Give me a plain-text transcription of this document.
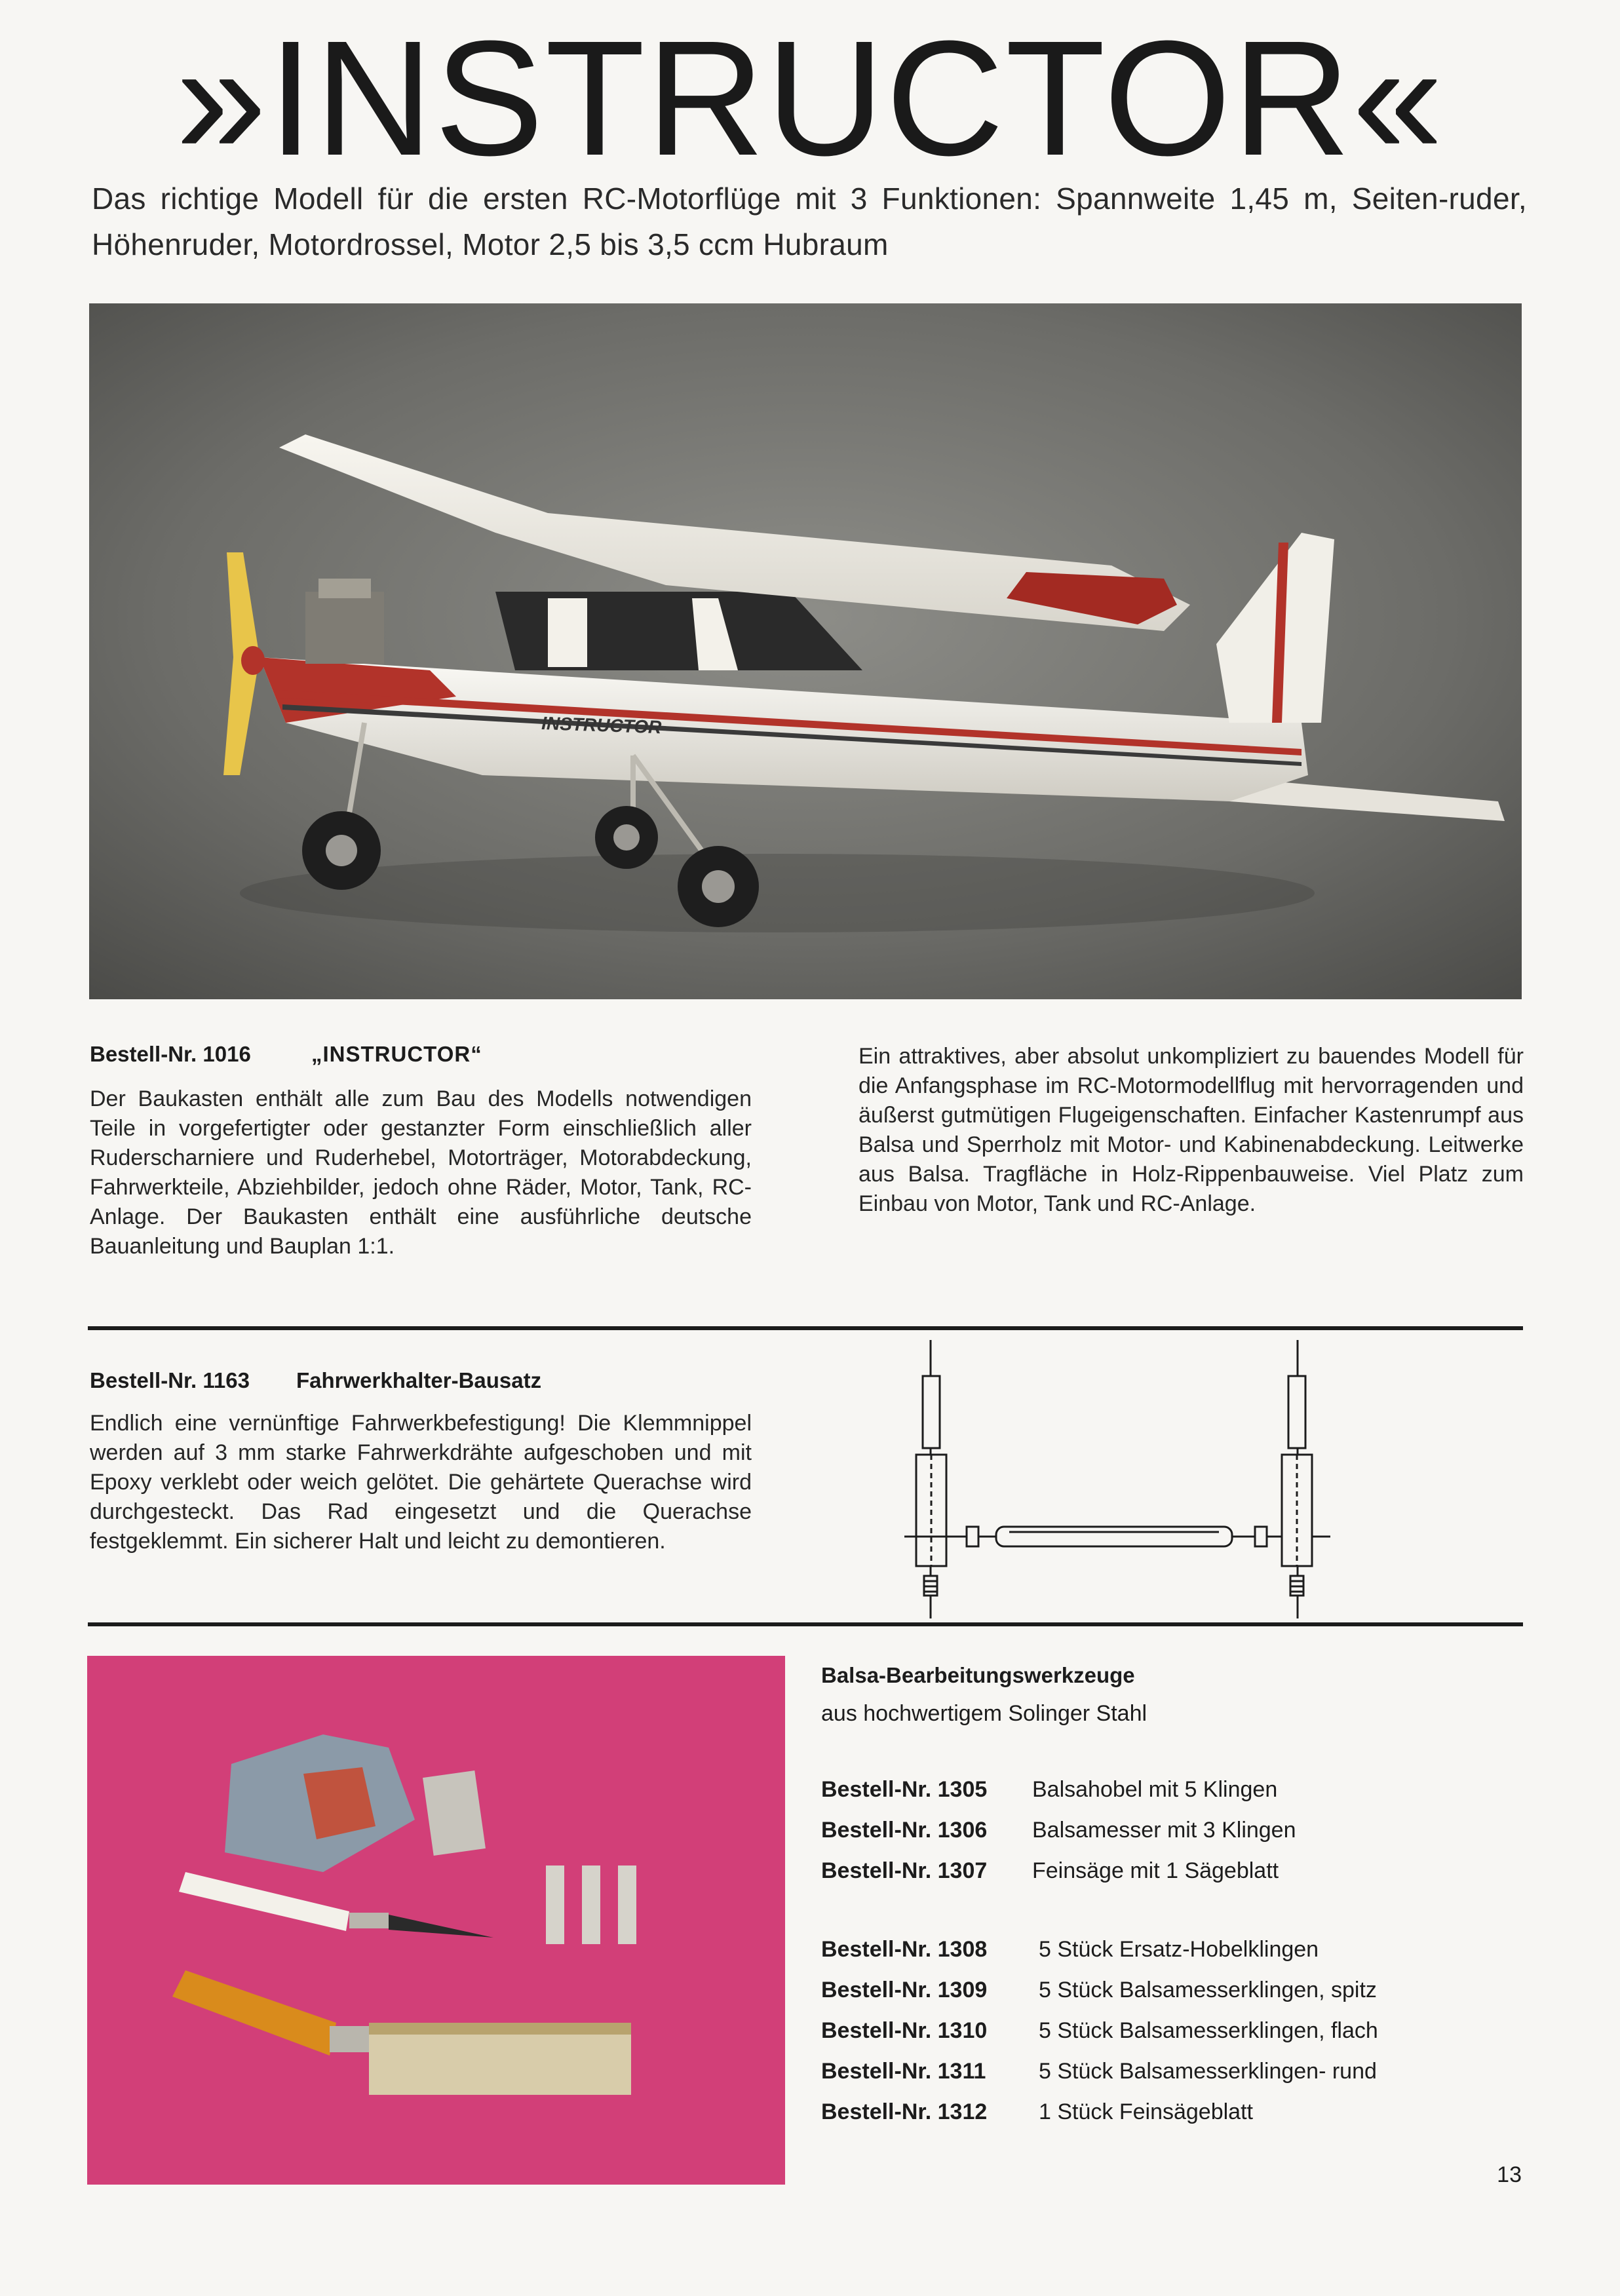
»INSTRUCTOR«
Das richtige Modell für die ersten RC-Motorflüge mit 3 Funktionen: Spannweite 1,45 m, Seiten-ruder, Höhenruder, Motordrossel, Motor 2,5 bis 3,5 ccm Hubraum
INSTRUCTOR
Bestell-Nr. 1016	„INSTRUCTOR“
Der Baukasten enthält alle zum Bau des Modells notwendigen Teile in vorgefertigter oder gestanzter Form einschließlich aller Ruderscharniere und Ruderhebel, Motorträger, Motorabdeckung, Fahrwerkteile, Abziehbilder, jedoch ohne Räder, Motor, Tank, RC-Anlage. Der Baukasten enthält eine ausführliche deutsche Bauanleitung und Bauplan 1:1.
Ein attraktives, aber absolut unkompliziert zu bauendes Modell für die Anfangsphase im RC-Motormodellflug mit hervorragenden und äußerst gutmütigen Flugeigenschaften. Einfacher Kastenrumpf aus Balsa und Sperrholz mit Motor- und Kabinenabdeckung. Leitwerke aus Balsa. Tragfläche in Holz-Rippenbauweise. Viel Platz zum Einbau von Motor, Tank und RC-Anlage.
Bestell-Nr. 1163 Fahrwerkhalter-Bausatz
Endlich eine vernünftige Fahrwerkbefestigung! Die Klemmnippel werden auf 3 mm starke Fahrwerkdrähte aufgeschoben und mit Epoxy verklebt oder weich gelötet. Die gehärtete Querachse wird durchgesteckt. Das Rad eingesetzt und die Querachse festgeklemmt. Ein sicherer Halt und leicht zu demontieren.
Balsa-Bearbeitungswerkzeuge
aus hochwertigem Solinger Stahl
Bestell-Nr. 1305	Balsahobel mit 5 Klingen
Bestell-Nr. 1306	Balsamesser mit 3 Klingen
Bestell-Nr. 1307	Feinsäge mit 1 Sägeblatt
Bestell-Nr. 1308	5 Stück Ersatz-Hobelklingen
Bestell-Nr. 1309	5 Stück Balsamesserklingen, spitz
Bestell-Nr. 1310	5 Stück Balsamesserklingen, flach
Bestell-Nr. 1311	5 Stück Balsamesserklingen- rund
Bestell-Nr. 1312	1 Stück Feinsägeblatt
13
